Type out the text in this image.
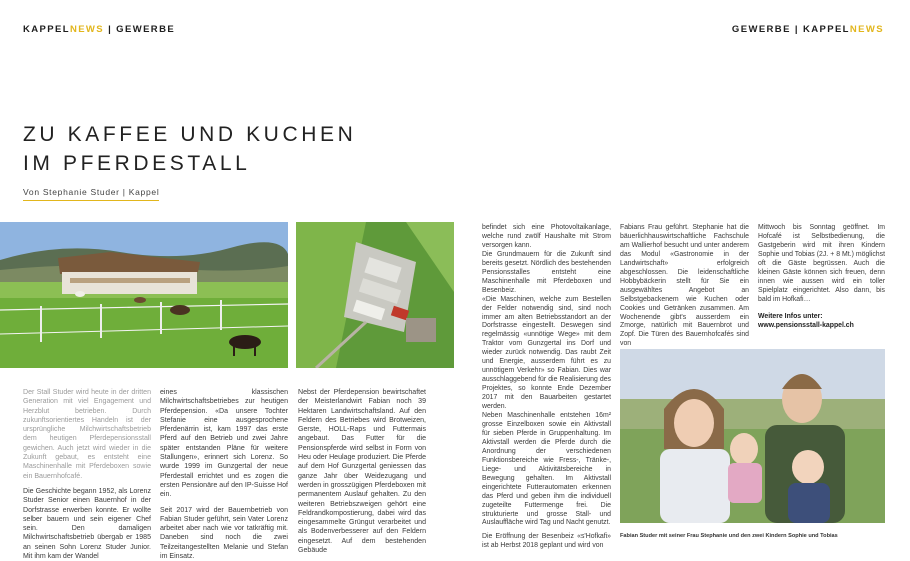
KAPPELNEWS | GEWERBE	GEWERBE | KAPPELNEWS
ZU KAFFEE UND KUCHEN
IM PFERDESTALL
Von Stephanie Studer | Kappel
Fabian Studer mit seiner Frau Stephanie und den zwei Kindern Sophie und Tobias

Der Stall Studer wird heute in der dritten Generation mit viel Engagement und Herzblut betrieben. Durch zukunftsorientiertes Handeln ist der ursprüngliche Milchwirtschaftsbetrieb dem heutigen Pferdepensionsstall gewichen. Auch jetzt wird wieder in die Zukunft gebaut, es entsteht eine Maschinenhalle mit Pferdeboxen sowie ein Bauernhofcafé.

Die Geschichte begann 1952, als Lorenz Studer Senior einen Bauernhof in der Dorfstrasse erwerben konnte. Er wollte selber bauern und sein eigener Chef sein. Den damaligen Milchwirtschaftsbetrieb übergab er 1985 an seinen Sohn Lorenz Studer Junior. Mit ihm kam der Wandel

eines klassischen Milchwirtschaftsbetriebes zur heutigen Pferdepension. «Da unsere Tochter Stefanie eine ausgesprochene Pferdenärrin ist, kam 1997 das erste Pferd auf den Betrieb und zwei Jahre später entstanden Pläne für weitere Stallungen», erinnert sich Lorenz. So wurde 1999 im Gunzgertal der neue Pferdestall errichtet und es zogen die ersten Pensionäre auf den IP-Suisse Hof ein.

Seit 2017 wird der Bauernbetrieb von Fabian Studer geführt, sein Vater Lorenz arbeitet aber nach wie vor tatkräftig mit. Daneben sind noch die zwei Teilzeitangestellten Melanie und Stefan im Einsatz.

Nebst der Pferdepension bewirtschaftet der Meisterlandwirt Fabian noch 39 Hektaren Landwirtschaftsland. Auf den Feldern des Betriebes wird Brotweizen, Gerste, HOLL-Raps und Futtermais angebaut. Das Futter für die Pensionspferde wird selbst in Form von Heu oder Heulage produziert. Die Pferde auf dem Hof Gunzgertal geniessen das ganze Jahr über Weidezugang und werden in grosszügigen Pferdeboxen mit permanentem Auslauf gehalten. Zu den weiteren Betriebszweigen gehört eine Feldrandkompostierung, dabei wird das eingesammelte Grüngut verarbeitet und als Bodenverbesserer auf den Feldern eingesetzt. Auf dem bestehenden Gebäude

befindet sich eine Photovoltaikanlage, welche rund zwölf Haushalte mit Strom versorgen kann.

Die Grundmauern für die Zukunft sind bereits gesetzt. Nördlich des bestehenden Pensionsstalles entsteht eine Maschinenhalle mit Pferdeboxen und Besenbeiz.

«Die Maschinen, welche zum Bestellen der Felder notwendig sind, sind noch immer am alten Betriebsstandort an der Dorfstrasse eingestellt. Deswegen sind regelmässig «unnötige Wege» mit dem Traktor vom Gunzgertal ins Dorf und wieder zurück notwendig. Das raubt Zeit und Energie, ausserdem führt es zu unnötigem Verkehr» so Fabian. Dies war ausschlaggebend für die Realisierung des Projektes, so konnte Ende Dezember 2017 mit den Bauarbeiten gestartet werden.

Neben Maschinenhalle entstehen 16m² grosse Einzelboxen sowie ein Aktivstall für sieben Pferde in Gruppenhaltung. Im Aktivstall werden die Pferde durch die Anordnung der verschiedenen Funktionsbereiche wie Fress-, Tränke-, Liege- und Aktivitätsbereiche in Bewegung gehalten. Im Aktivstall eingerichtete Futterautomaten erkennen das Pferd und geben ihm die individuell zugeteilte Futtermenge frei. Die strukturierte und grosse Stall- und Auslauffläche wird Tag und Nacht genutzt.

Die Eröffnung der Besenbeiz «s'Hofkafi» ist ab Herbst 2018 geplant und wird von

Fabians Frau geführt. Stephanie hat die bäuerlichhauswirtschaftliche Fachschule am Wallierhof besucht und unter anderem das Modul «Gastronomie in der Landwirtschaft» erfolgreich abgeschlossen. Die leidenschaftliche Hobbybäckerin stellt für Sie ein ausgewähltes Angebot an Selbstgebackenem wie Kuchen oder Cookies und Getränken zusammen. Am Wochenende gibt's ausserdem ein Zmorge, natürlich mit Bauernbrot und Zopf. Die Türen des Bauernhofcafés sind von

Mittwoch bis Sonntag geöffnet. Im Hofcafé ist Selbstbedienung, die Gastgeberin wird mit ihren Kindern Sophie und Tobias (2J. + 8 Mt.) möglichst oft die Gäste begrüssen. Auch die kleinen Gäste können sich freuen, denn innen wie aussen wird ein toller Spielplatz eingerichtet. Also dann, bis bald im Hofkafi…

Weitere Infos unter:

www.pensionsstall-kappel.ch
